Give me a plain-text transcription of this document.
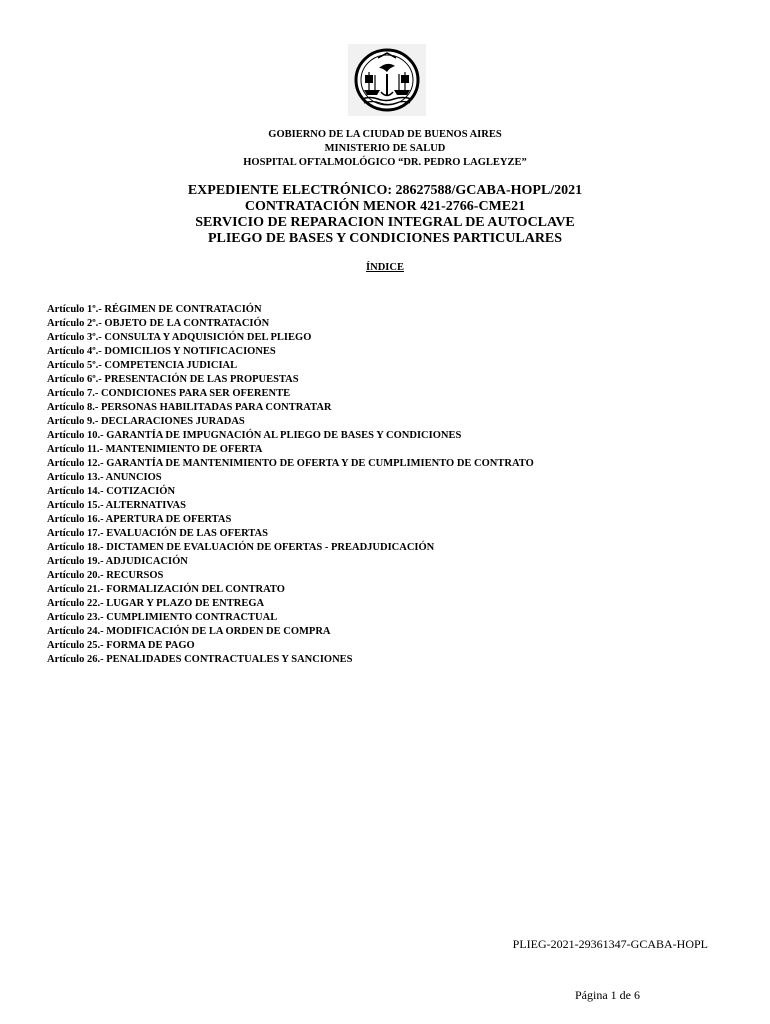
GOBIERNO DE LA CIUDAD DE BUENOS AIRES
MINISTERIO DE SALUD
HOSPITAL OFTALMOLÓGICO “DR. PEDRO LAGLEYZE”
EXPEDIENTE ELECTRÓNICO: 28627588/GCABA-HOPL/2021
CONTRATACIÓN MENOR 421-2766-CME21
SERVICIO DE REPARACION INTEGRAL DE AUTOCLAVE
PLIEGO DE BASES Y CONDICIONES PARTICULARES
ÍNDICE
Artículo 1º.- RÉGIMEN DE CONTRATACIÓN
Artículo 2º.- OBJETO DE LA CONTRATACIÓN
Artículo 3º.- CONSULTA Y ADQUISICIÓN DEL PLIEGO
Artículo 4º.- DOMICILIOS Y NOTIFICACIONES
Artículo 5º.- COMPETENCIA JUDICIAL
Artículo 6º.- PRESENTACIÓN DE LAS PROPUESTAS
Artículo 7.- CONDICIONES PARA SER OFERENTE
Artículo 8.- PERSONAS HABILITADAS PARA CONTRATAR
Artículo 9.- DECLARACIONES JURADAS
Artículo 10.- GARANTÍA DE IMPUGNACIÓN AL PLIEGO DE BASES Y CONDICIONES
Artículo 11.- MANTENIMIENTO DE OFERTA
Artículo 12.- GARANTÍA DE MANTENIMIENTO DE OFERTA Y DE CUMPLIMIENTO DE CONTRATO
Artículo 13.- ANUNCIOS
Artículo 14.- COTIZACIÓN
Artículo 15.- ALTERNATIVAS
Artículo 16.- APERTURA DE OFERTAS
Artículo 17.- EVALUACIÓN DE LAS OFERTAS
Artículo 18.- DICTAMEN DE EVALUACIÓN DE OFERTAS - PREADJUDICACIÓN
Artículo 19.- ADJUDICACIÓN
Artículo 20.- RECURSOS
Artículo 21.- FORMALIZACIÓN DEL CONTRATO
Artículo 22.- LUGAR Y PLAZO DE ENTREGA
Artículo 23.- CUMPLIMIENTO CONTRACTUAL
Artículo 24.- MODIFICACIÓN DE LA ORDEN DE COMPRA
Artículo 25.- FORMA DE PAGO
Artículo 26.- PENALIDADES CONTRACTUALES Y SANCIONES
PLIEG-2021-29361347-GCABA-HOPL
Página 1 de 6
